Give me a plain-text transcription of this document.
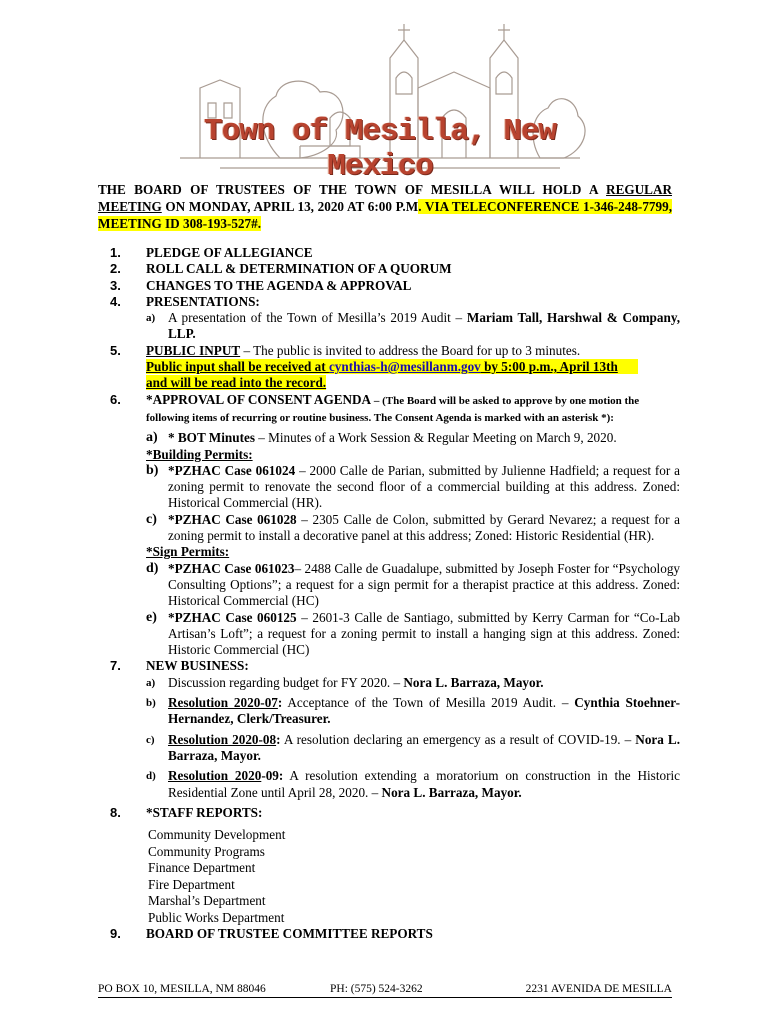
Town of Mesilla, New Mexico
THE BOARD OF TRUSTEES OF THE TOWN OF MESILLA WILL HOLD A REGULAR MEETING ON MONDAY, APRIL 13, 2020 AT 6:00 P.M. VIA TELECONFERENCE 1-346-248-7799, MEETING ID 308-193-527#.
1. PLEDGE OF ALLEGIANCE
2. ROLL CALL & DETERMINATION OF A QUORUM
3. CHANGES TO THE AGENDA & APPROVAL
4. PRESENTATIONS:
a) A presentation of the Town of Mesilla’s 2019 Audit – Mariam Tall, Harshwal & Company, LLP.
5. PUBLIC INPUT – The public is invited to address the Board for up to 3 minutes.
Public input shall be received at cynthias-h@mesillanm.gov by 5:00 p.m., April 13th
and will be read into the record.
6. *APPROVAL OF CONSENT AGENDA – (The Board will be asked to approve by one motion the following items of recurring or routine business. The Consent Agenda is marked with an asterisk *):
a) * BOT Minutes – Minutes of a Work Session & Regular Meeting on March 9, 2020.
*Building Permits:
b) *PZHAC Case 061024 – 2000 Calle de Parian, submitted by Julienne Hadfield; a request for a zoning permit to renovate the second floor of a commercial building at this address. Zoned: Historical Commercial (HR).
c) *PZHAC Case 061028 – 2305 Calle de Colon, submitted by Gerard Nevarez; a request for a zoning permit to install a decorative panel at this address; Zoned: Historic Residential (HR).
*Sign Permits:
d) *PZHAC Case 061023– 2488 Calle de Guadalupe, submitted by Joseph Foster for “Psychology Consulting Options”; a request for a sign permit for a therapist practice at this address. Zoned: Historical Commercial (HC)
e) *PZHAC Case 060125 – 2601-3 Calle de Santiago, submitted by Kerry Carman for “Co-Lab Artisan’s Loft”; a request for a zoning permit to install a hanging sign at this address. Zoned: Historic Commercial (HC)
7. NEW BUSINESS:
a) Discussion regarding budget for FY 2020. – Nora L. Barraza, Mayor.
b) Resolution 2020-07: Acceptance of the Town of Mesilla 2019 Audit. – Cynthia Stoehner-Hernandez, Clerk/Treasurer.
c) Resolution 2020-08: A resolution declaring an emergency as a result of COVID-19. – Nora L. Barraza, Mayor.
d) Resolution 2020-09: A resolution extending a moratorium on construction in the Historic Residential Zone until April 28, 2020. – Nora L. Barraza, Mayor.
8. *STAFF REPORTS:
Community Development
Community Programs
Finance Department
Fire Department
Marshal’s Department
Public Works Department
9. BOARD OF TRUSTEE COMMITTEE REPORTS
PO BOX 10, MESILLA, NM 88046	PH: (575) 524-3262	2231 AVENIDA DE MESILLA
